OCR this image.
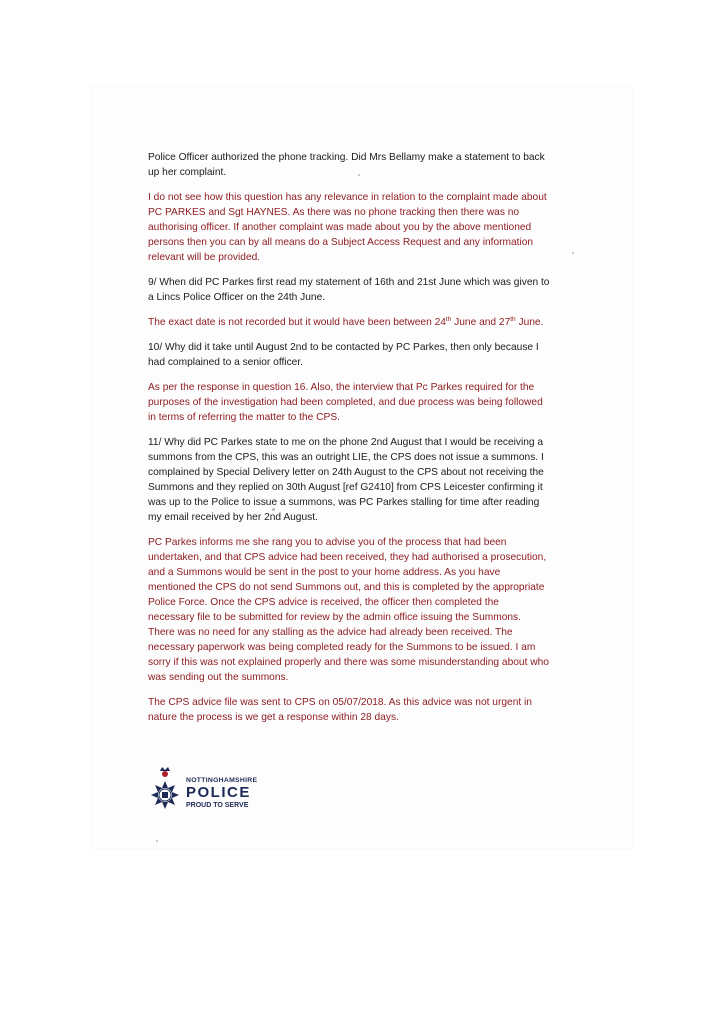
Police Officer authorized the phone tracking. Did Mrs Bellamy make a statement to back
up her complaint.

I do not see how this question has any relevance in relation to the complaint made about
PC PARKES and Sgt HAYNES. As there was no phone tracking then there was no
authorising officer. If another complaint was made about you by the above mentioned
persons then you can by all means do a Subject Access Request and any information
relevant will be provided.

9/ When did PC Parkes first read my statement of 16th and 21st June which was given to
a Lincs Police Officer on the 24th June.

The exact date is not recorded but it would have been between 24th June and 27th June.

10/ Why did it take until August 2nd to be contacted by PC Parkes, then only because I
had complained to a senior officer.

As per the response in question 16. Also, the interview that Pc Parkes required for the
purposes of the investigation had been completed, and due process was being followed
in terms of referring the matter to the CPS.

11/ Why did PC Parkes state to me on the phone 2nd August that I would be receiving a
summons from the CPS, this was an outright LIE, the CPS does not issue a summons. I
complained by Special Delivery letter on 24th August to the CPS about not receiving the
Summons and they replied on 30th August [ref G2410] from CPS Leicester confirming it
was up to the Police to issue a summons, was PC Parkes stalling for time after reading
my email received by her 2nd August.

PC Parkes informs me she rang you to advise you of the process that had been
undertaken, and that CPS advice had been received, they had authorised a prosecution,
and a Summons would be sent in the post to your home address. As you have
mentioned the CPS do not send Summons out, and this is completed by the appropriate
Police Force. Once the CPS advice is received, the officer then completed the
necessary file to be submitted for review by the admin office issuing the Summons.
There was no need for any stalling as the advice had already been received. The
necessary paperwork was being completed ready for the Summons to be issued. I am
sorry if this was not explained properly and there was some misunderstanding about who
was sending out the summons.

The CPS advice file was sent to CPS on 05/07/2018. As this advice was not urgent in
nature the process is we get a response within 28 days.

NOTTINGHAMSHIRE
POLICE
PROUD TO SERVE
